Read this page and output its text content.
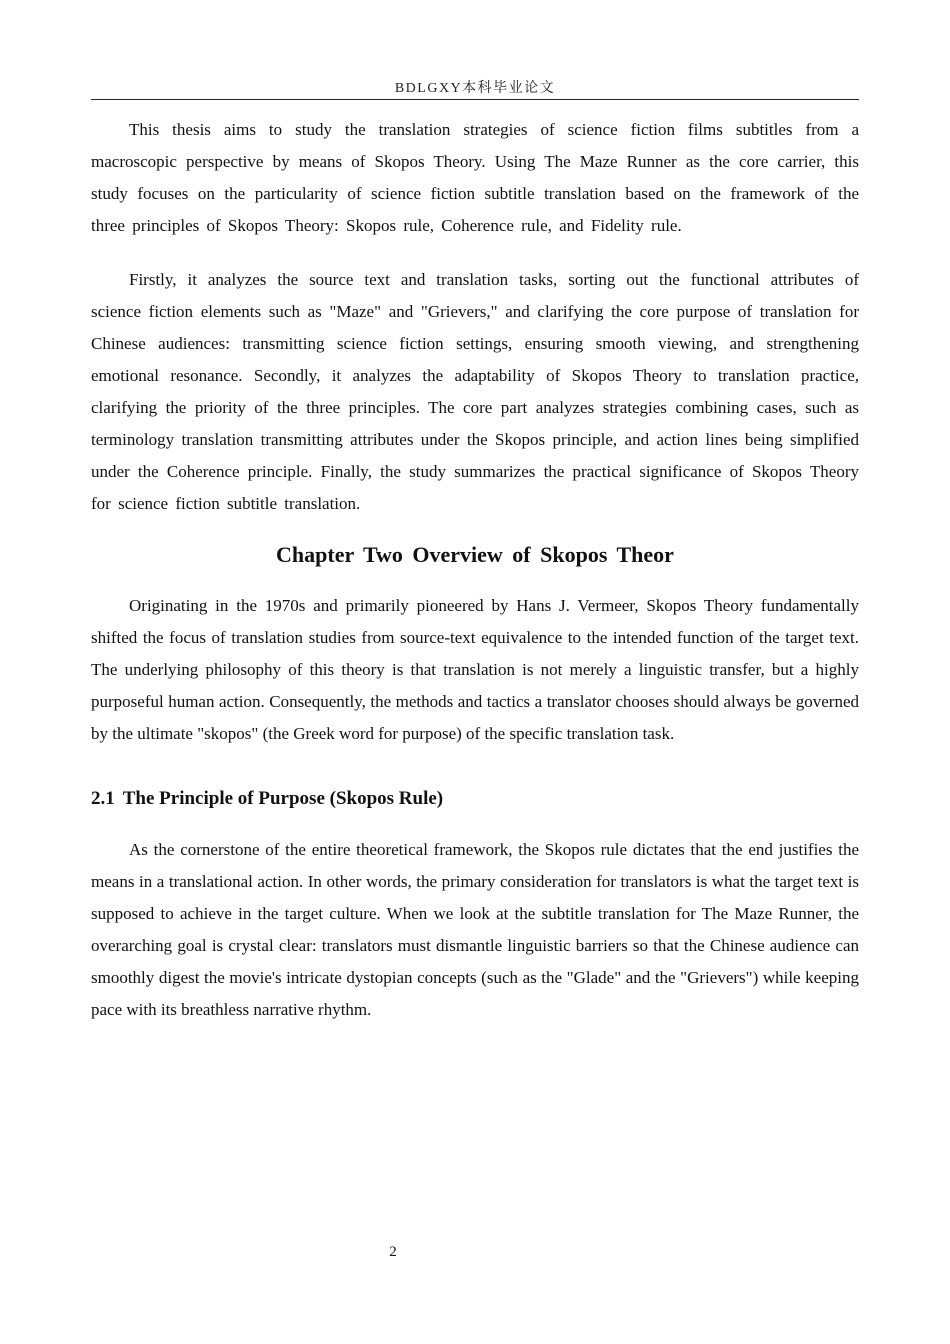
BDLGXY本科毕业论文

This thesis aims to study the translation strategies of science fiction films subtitles from a macroscopic perspective by means of Skopos Theory. Using The Maze Runner as the core carrier, this study focuses on the particularity of science fiction subtitle translation based on the framework of the three principles of Skopos Theory: Skopos rule, Coherence rule, and Fidelity rule.

Firstly, it analyzes the source text and translation tasks, sorting out the functional attributes of science fiction elements such as "Maze" and "Grievers," and clarifying the core purpose of translation for Chinese audiences: transmitting science fiction settings, ensuring smooth viewing, and strengthening emotional resonance. Secondly, it analyzes the adaptability of Skopos Theory to translation practice, clarifying the priority of the three principles. The core part analyzes strategies combining cases, such as terminology translation transmitting attributes under the Skopos principle, and action lines being simplified under the Coherence principle. Finally, the study summarizes the practical significance of Skopos Theory for science fiction subtitle translation.

Chapter Two Overview of Skopos Theor

Originating in the 1970s and primarily pioneered by Hans J. Vermeer, Skopos Theory fundamentally shifted the focus of translation studies from source-text equivalence to the intended function of the target text. The underlying philosophy of this theory is that translation is not merely a linguistic transfer, but a highly purposeful human action. Consequently, the methods and tactics a translator chooses should always be governed by the ultimate "skopos" (the Greek word for purpose) of the specific translation task.

2.1 The Principle of Purpose (Skopos Rule)

As the cornerstone of the entire theoretical framework, the Skopos rule dictates that the end justifies the means in a translational action. In other words, the primary consideration for translators is what the target text is supposed to achieve in the target culture. When we look at the subtitle translation for The Maze Runner, the overarching goal is crystal clear: translators must dismantle linguistic barriers so that the Chinese audience can smoothly digest the movie's intricate dystopian concepts (such as the "Glade" and the "Grievers") while keeping pace with its breathless narrative rhythm.

2
